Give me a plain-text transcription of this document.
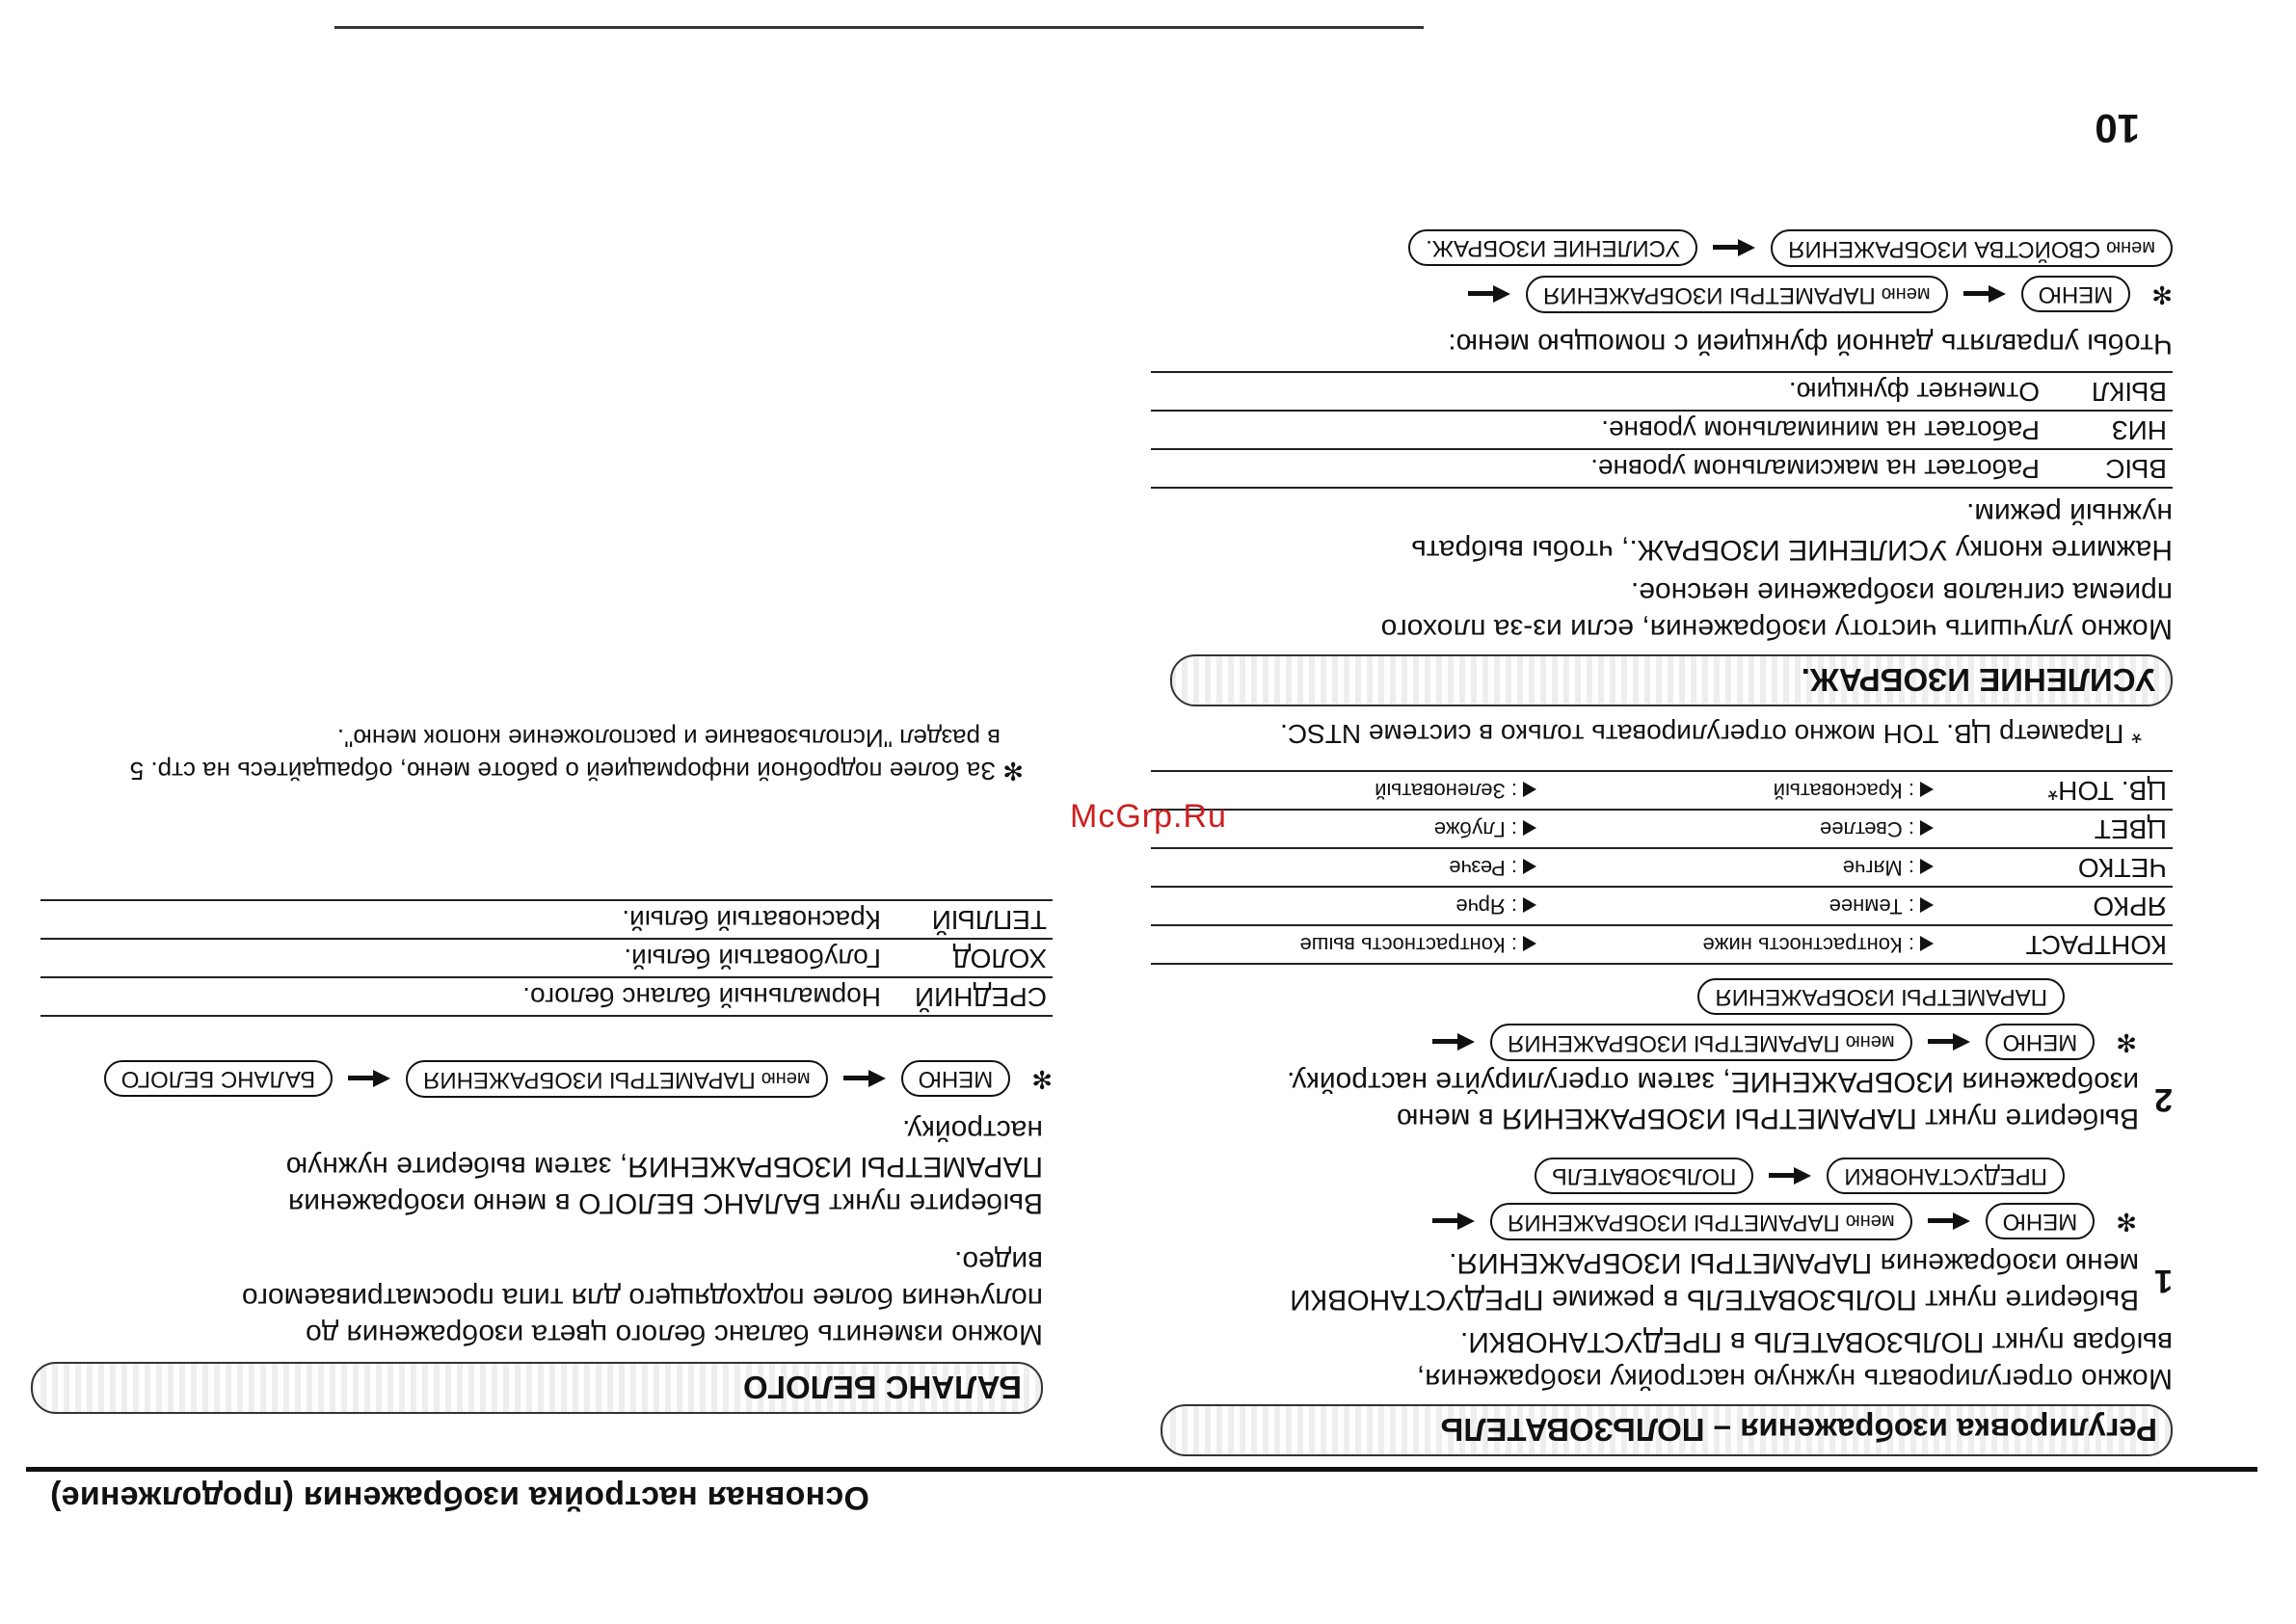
Основная настройка изображения (продолжение)
10
Регулировка изображения – ПОЛЬЗОВАТЕЛЬ
Можно отрегулировать нужную настройку изображения,
выбрав пункт ПОЛЬЗОВАТЕЛЬ в ПРЕДУСТАНОВКИ.
1
Выберите пункт ПОЛЬЗОВАТЕЛЬ в режиме ПРЕДУСТАНОВКИ
меню изображения ПАРАМЕТРЫ ИЗОБРАЖЕНИЯ.
✻
МЕНЮ
менюПАРАМЕТРЫ ИЗОБРАЖЕНИЯ
ПРЕДУСТАНОВКИ
ПОЛЬЗОВАТЕЛЬ
2
Выберите пункт ПАРАМЕТРЫ ИЗОБРАЖЕНИЯ в меню
изображения ИЗОБРАЖЕНИЕ, затем отрегулируйте настройку.
✻
МЕНЮ
менюПАРАМЕТРЫ ИЗОБРАЖЕНИЯ
ПАРАМЕТРЫ ИЗОБРАЖЕНИЯ
КОНТРАСТ	: Контрастность ниже	: Контрастность выше
ЯРКО	: Темнее	: Ярче
ЧЕТКО	: Мягче	: Резче
ЦВЕТ	: Светлее	: Глубже
ЦВ. ТОН*	: Красноватый	: Зеленоватый
* Параметр ЦВ. ТОН можно отрегулировать только в системе NTSC.
УСИЛЕНИЕ ИЗОБРАЖ.
Можно улучшить чистоту изображения, если из-за плохого
приема сигналов изображение неясное.
Нажмите кнопку УСИЛЕНИЕ ИЗОБРАЖ., чтобы выбрать
нужный режим.
ВЫС	Работает на максимальном уровне.
НИЗ	Работает на минимальном уровне.
ВЫКЛ	Отменяет функцию.
Чтобы управлять данной функцией с помощью меню:
✻
МЕНЮ
менюПАРАМЕТРЫ ИЗОБРАЖЕНИЯ
менюСВОЙСТВА ИЗОБРАЖЕНИЯ
УСИЛЕНИЕ ИЗОБРАЖ.
БАЛАНС БЕЛОГО
Можно изменить баланс белого цвета изображения до
получения более подходящего для типа просматриваемого
видео.
Выберите пункт БАЛАНС БЕЛОГО в меню изображения
ПАРАМЕТРЫ ИЗОБРАЖЕНИЯ, затем выберите нужную
настройку.
✻
МЕНЮ
менюПАРАМЕТРЫ ИЗОБРАЖЕНИЯ
БАЛАНС БЕЛОГО
СРЕДНИЙ	Нормальный баланс белого.
ХОЛОД	Голубоватый белый.
ТЕПЛЫЙ	Красноватый белый.
✻ За более подробной информацией о работе меню, обращайтесь на стр. 5
в раздел "Использование и расположение кнопок меню".
McGrp.Ru
